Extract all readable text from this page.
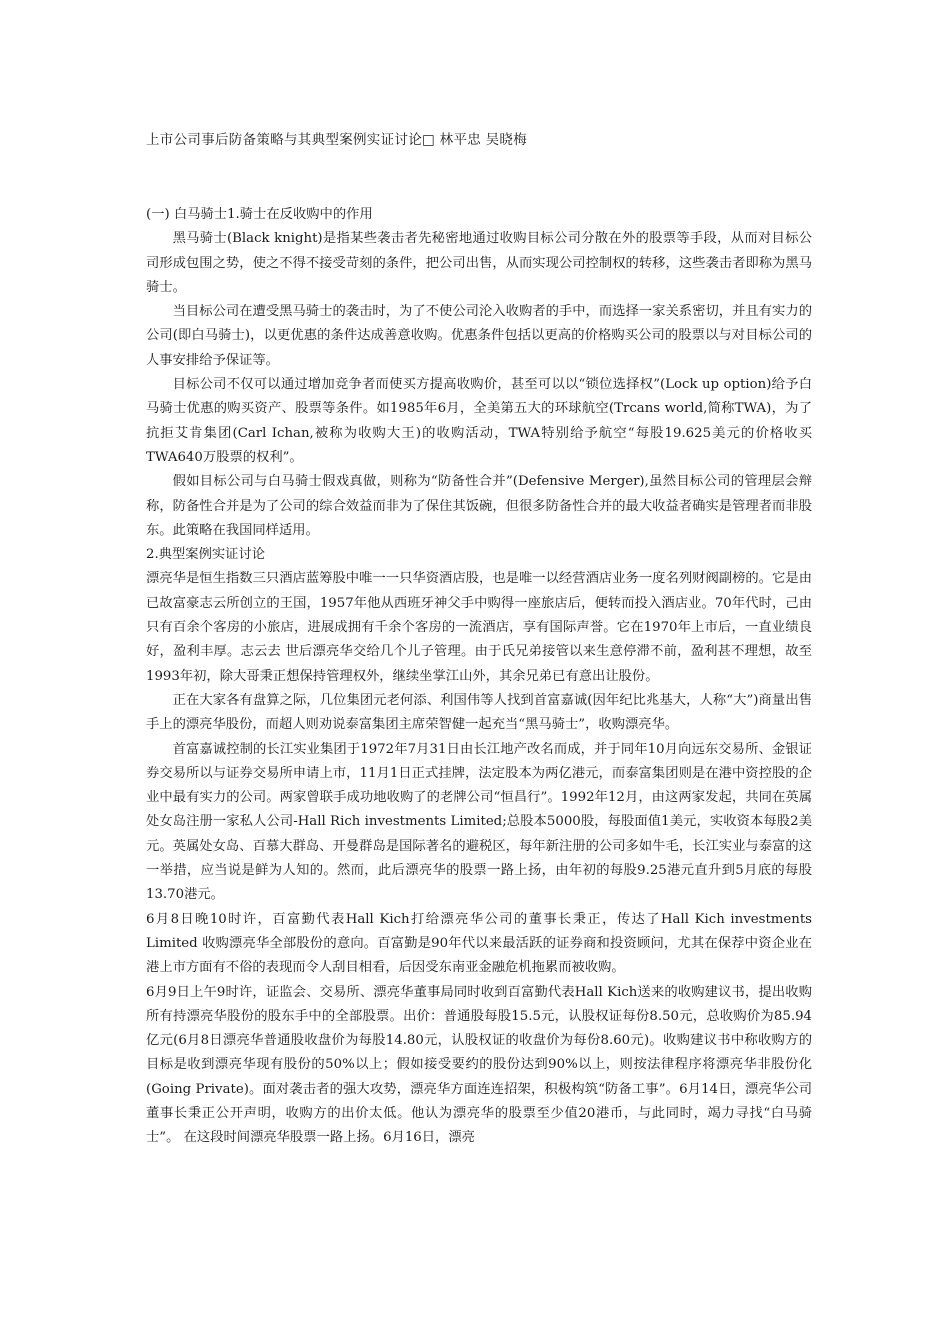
上市公司事后防备策略与其典型案例实证讨论□ 林平忠 吴晓梅

(一) 白马骑士1.骑士在反收购中的作用

黑马骑士(Black knight)是指某些袭击者先秘密地通过收购目标公司分散在外的股票等手段，从而对目标公司形成包围之势，使之不得不接受苛刻的条件，把公司出售，从而实现公司控制权的转移，这些袭击者即称为黑马骑士。

当目标公司在遭受黑马骑士的袭击时，为了不使公司沦入收购者的手中，而选择一家关系密切，并且有实力的公司(即白马骑士)，以更优惠的条件达成善意收购。优惠条件包括以更高的价格购买公司的股票以与对目标公司的人事安排给予保证等。

目标公司不仅可以通过增加竞争者而使买方提高收购价，甚至可以以“锁位选择权”(Lock up option)给予白马骑士优惠的购买资产、股票等条件。如1985年6月，全美第五大的环球航空(Trcans world,简称TWA)，为了抗拒艾肯集团(Carl Ichan,被称为收购大王)的收购活动，TWA特别给予航空“每股19.625美元的价格收买TWA640万股票的权利”。

假如目标公司与白马骑士假戏真做，则称为“防备性合并”(Defensive Merger),虽然目标公司的管理层会辩称，防备性合并是为了公司的综合效益而非为了保住其饭碗，但很多防备性合并的最大收益者确实是管理者而非股东。此策略在我国同样适用。

2.典型案例实证讨论

漂亮华是恒生指数三只酒店蓝筹股中唯一一只华资酒店股，也是唯一以经营酒店业务一度名列财阀副榜的。它是由已故富豪志云所创立的王国，1957年他从西班牙神父手中购得一座旅店后，便转而投入酒店业。70年代时，己由只有百余个客房的小旅店，进展成拥有千余个客房的一流酒店，享有国际声誉。它在1970年上市后，一直业绩良好，盈利丰厚。志云去 世后漂亮华交给几个儿子管理。由于氏兄弟接管以来生意停滞不前，盈利甚不理想，故至1993年初，除大哥秉正想保持管理权外，继续坐掌江山外，其余兄弟已有意出让股份。

正在大家各有盘算之际，几位集团元老何添、利国伟等人找到首富嘉诚(因年纪比兆基大，人称“大”)商量出售手上的漂亮华股份，而超人则劝说泰富集团主席荣智健一起充当“黑马骑士”，收购漂亮华。

首富嘉诚控制的长江实业集团于1972年7月31日由长江地产改名而成，并于同年10月向远东交易所、金银证券交易所以与证券交易所申请上市，11月1日正式挂牌，法定股本为两亿港元，而泰富集团则是在港中资控股的企业中最有实力的公司。两家曾联手成功地收购了的老牌公司“恒昌行”。1992年12月，由这两家发起，共同在英属处女岛注册一家私人公司-Hall Rich investments Limited;总股本5000股，每股面值1美元，实收资本每股2美元。英属处女岛、百慕大群岛、开曼群岛是国际著名的避税区，每年新注册的公司多如牛毛，长江实业与泰富的这一举措，应当说是鲜为人知的。然而，此后漂亮华的股票一路上扬，由年初的每股9.25港元直升到5月底的每股13.70港元。

6月8日晚10时许，百富勤代表Hall Kich打给漂亮华公司的董事长秉正，传达了Hall Kich investments Limited 收购漂亮华全部股份的意向。百富勤是90年代以来最活跃的证券商和投资顾问，尤其在保荐中资企业在港上市方面有不俗的表现而令人刮目相看，后因受东南亚金融危机拖累而被收购。

6月9日上午9时许，证监会、交易所、漂亮华董事局同时收到百富勤代表Hall Kich送来的收购建议书，提出收购所有持漂亮华股份的股东手中的全部股票。出价：普通股每股15.5元，认股权证每份8.50元，总收购价为85.94亿元(6月8日漂亮华普通股收盘价为每股14.80元，认股权证的收盘价为每份8.60元)。收购建议书中称收购方的目标是收到漂亮华现有股份的50%以上；假如接受要约的股份达到90%以上，则按法律程序将漂亮华非股份化(Going Private)。面对袭击者的强大攻势，漂亮华方面连连招架，积极构筑“防备工事”。6月14日，漂亮华公司董事长秉正公开声明，收购方的出价太低。他认为漂亮华的股票至少值20港币，与此同时，竭力寻找“白马骑士”。 在这段时间漂亮华股票一路上扬。6月16日，漂亮
